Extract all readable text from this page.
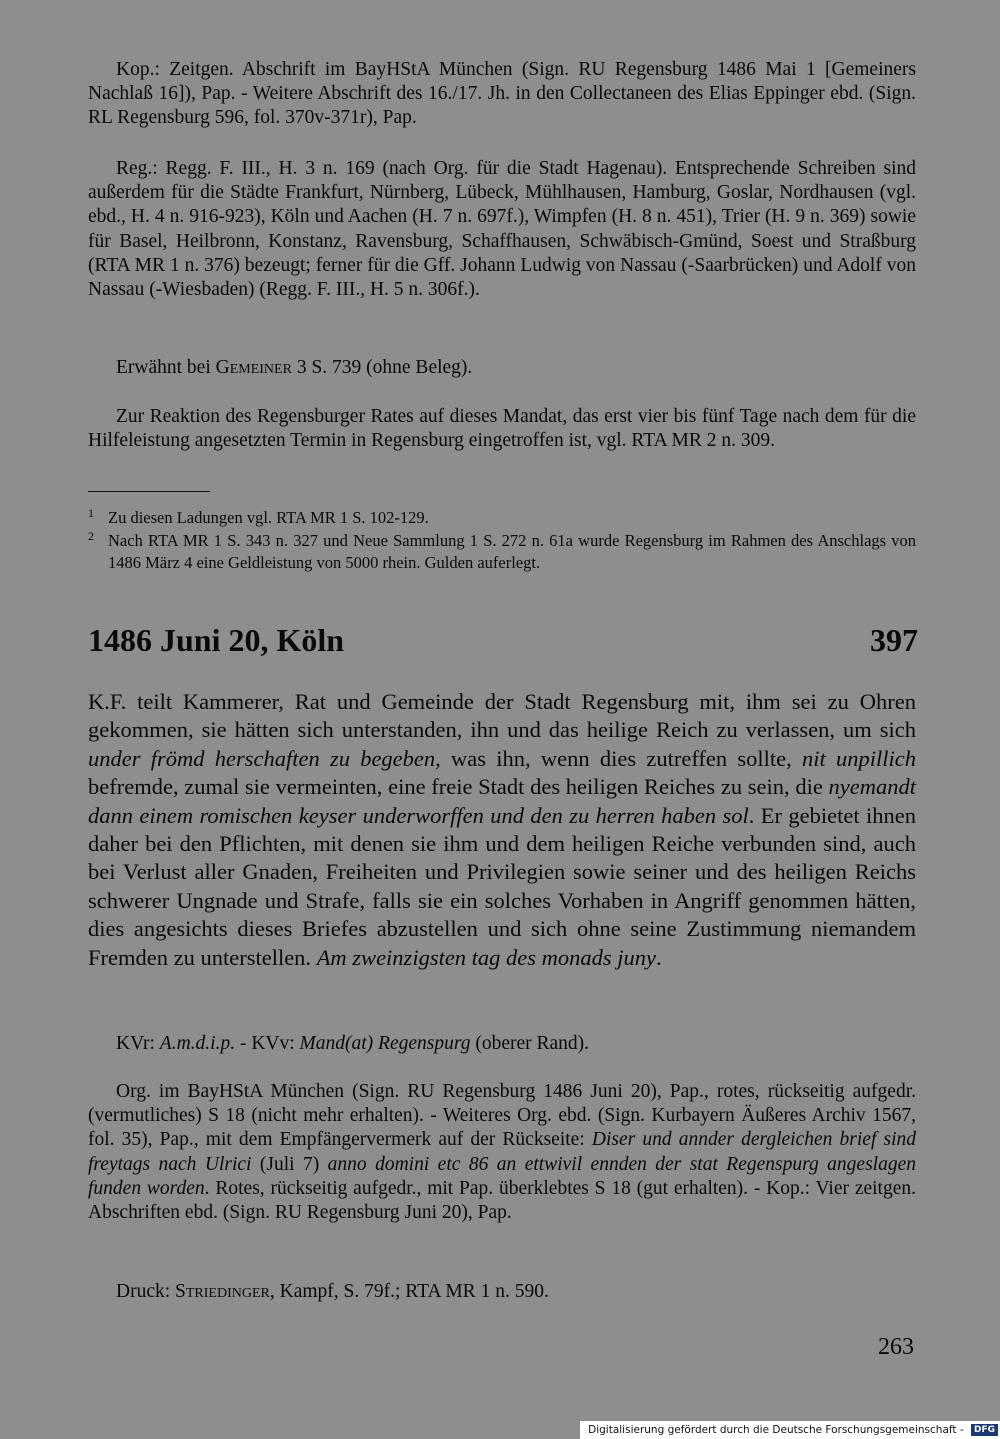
Kop.: Zeitgen. Abschrift im BayHStA München (Sign. RU Regensburg 1486 Mai 1 [Gemeiners Nachlaß 16]), Pap. - Weitere Abschrift des 16./17. Jh. in den Collectaneen des Elias Eppinger ebd. (Sign. RL Regensburg 596, fol. 370v-371r), Pap.

Reg.: Regg. F. III., H. 3 n. 169 (nach Org. für die Stadt Hagenau). Entsprechende Schreiben sind außerdem für die Städte Frankfurt, Nürnberg, Lübeck, Mühlhausen, Hamburg, Goslar, Nordhausen (vgl. ebd., H. 4 n. 916-923), Köln und Aachen (H. 7 n. 697f.), Wimpfen (H. 8 n. 451), Trier (H. 9 n. 369) sowie für Basel, Heilbronn, Konstanz, Ravensburg, Schaffhausen, Schwäbisch-Gmünd, Soest und Straßburg (RTA MR 1 n. 376) bezeugt; ferner für die Gff. Johann Ludwig von Nassau (-Saarbrücken) und Adolf von Nassau (-Wiesbaden) (Regg. F. III., H. 5 n. 306f.).

Erwähnt bei Gemeiner 3 S. 739 (ohne Beleg).

Zur Reaktion des Regensburger Rates auf dieses Mandat, das erst vier bis fünf Tage nach dem für die Hilfeleistung angesetzten Termin in Regensburg eingetroffen ist, vgl. RTA MR 2 n. 309.

1 Zu diesen Ladungen vgl. RTA MR 1 S. 102-129.
2 Nach RTA MR 1 S. 343 n. 327 und Neue Sammlung 1 S. 272 n. 61a wurde Regensburg im Rahmen des Anschlags von 1486 März 4 eine Geldleistung von 5000 rhein. Gulden auferlegt.
1486 Juni 20, Köln	397

K.F. teilt Kammerer, Rat und Gemeinde der Stadt Regensburg mit, ihm sei zu Ohren gekommen, sie hätten sich unterstanden, ihn und das heilige Reich zu verlassen, um sich under frömd herschaften zu begeben, was ihn, wenn dies zutreffen sollte, nit unpillich befremde, zumal sie vermeinten, eine freie Stadt des heiligen Reiches zu sein, die nyemandt dann einem romischen keyser underworffen und den zu herren haben sol. Er gebietet ihnen daher bei den Pflichten, mit denen sie ihm und dem heiligen Reiche verbunden sind, auch bei Verlust aller Gnaden, Freiheiten und Privilegien sowie seiner und des heiligen Reichs schwerer Ungnade und Strafe, falls sie ein solches Vorhaben in Angriff genommen hätten, dies angesichts dieses Briefes abzustellen und sich ohne seine Zustimmung niemandem Fremden zu unterstellen. Am zweinzigsten tag des monads juny.

KVr: A.m.d.i.p. - KVv: Mand(at) Regenspurg (oberer Rand).

Org. im BayHStA München (Sign. RU Regensburg 1486 Juni 20), Pap., rotes, rückseitig aufgedr. (vermutliches) S 18 (nicht mehr erhalten). - Weiteres Org. ebd. (Sign. Kurbayern Äußeres Archiv 1567, fol. 35), Pap., mit dem Empfängervermerk auf der Rückseite: Diser und annder dergleichen brief sind freytags nach Ulrici (Juli 7) anno domini etc 86 an ettwivil ennden der stat Regenspurg angeslagen funden worden. Rotes, rückseitig aufgedr., mit Pap. überklebtes S 18 (gut erhalten). - Kop.: Vier zeitgen. Abschriften ebd. (Sign. RU Regensburg Juni 20), Pap.

Druck: Striedinger, Kampf, S. 79f.; RTA MR 1 n. 590.

263
Digitalisierung gefördert durch die Deutsche Forschungsgemeinschaft - DFG
